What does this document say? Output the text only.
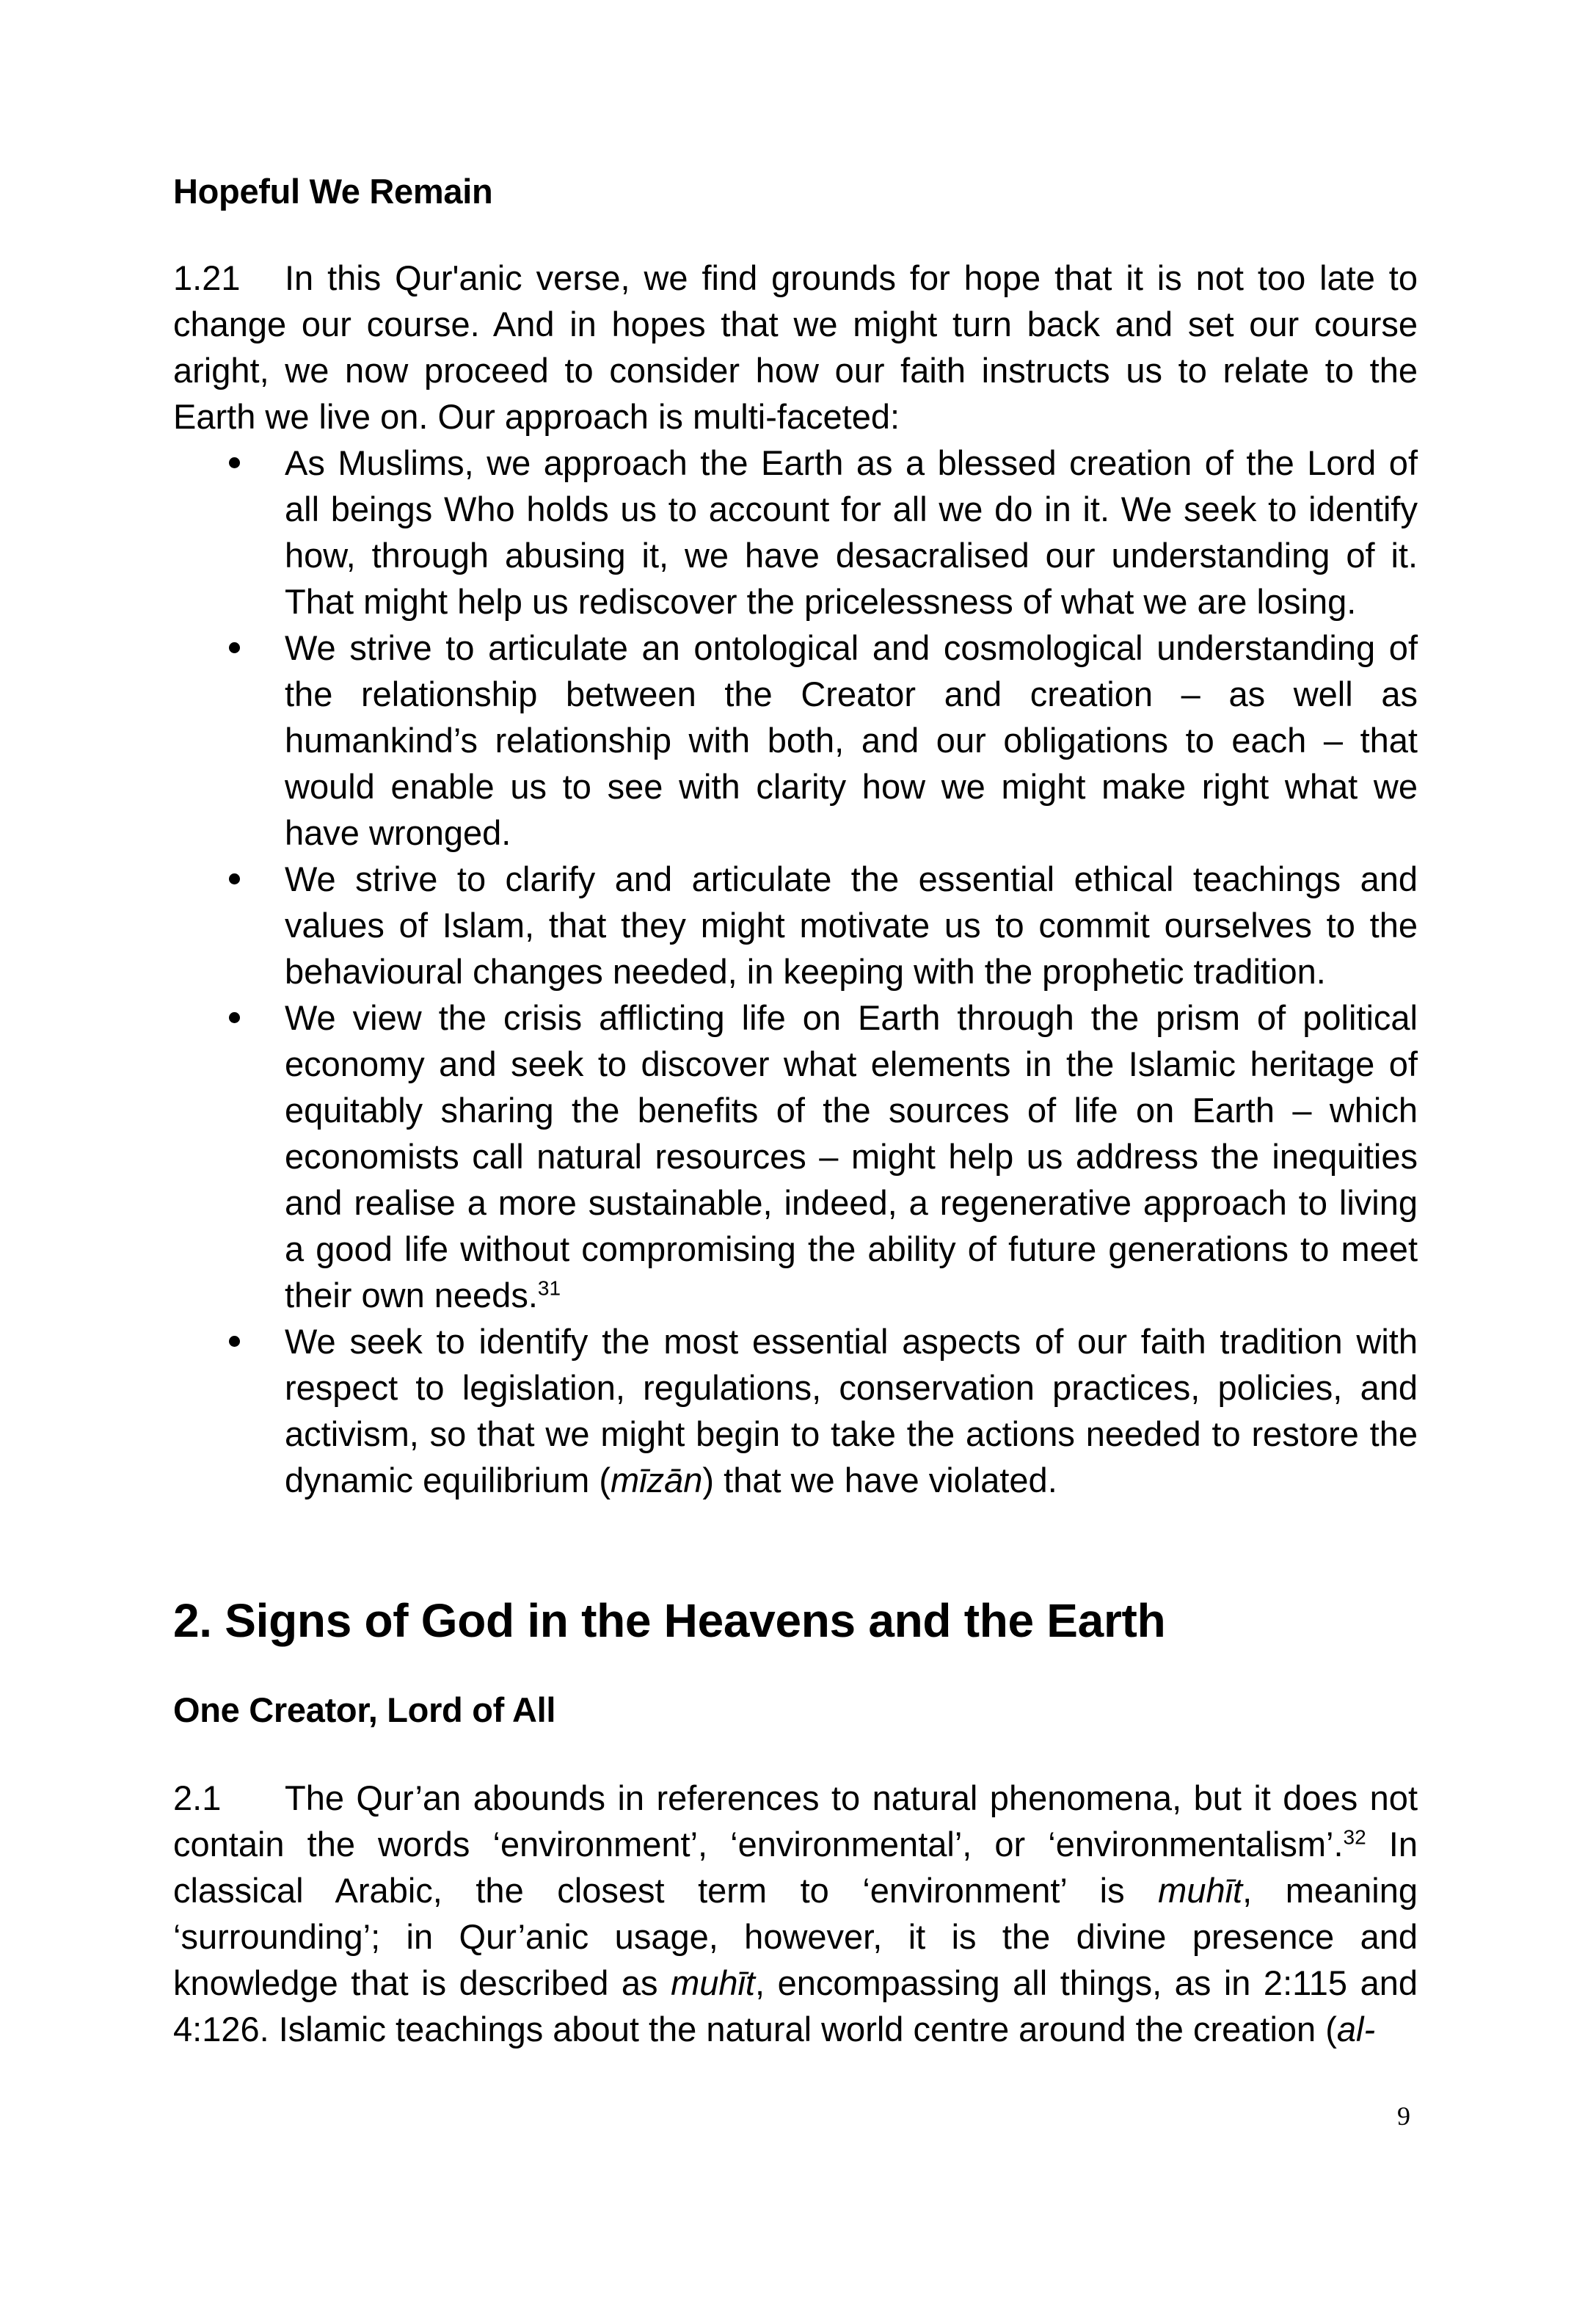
Hopeful We Remain

1.21 In this Qur'anic verse, we find grounds for hope that it is not too late to change our course. And in hopes that we might turn back and set our course aright, we now proceed to consider how our faith instructs us to relate to the Earth we live on. Our approach is multi-faceted:

As Muslims, we approach the Earth as a blessed creation of the Lord of all beings Who holds us to account for all we do in it. We seek to identify how, through abusing it, we have desacralised our understanding of it. That might help us rediscover the pricelessness of what we are losing.
We strive to articulate an ontological and cosmological understanding of the relationship between the Creator and creation – as well as humankind’s relationship with both, and our obligations to each – that would enable us to see with clarity how we might make right what we have wronged.
We strive to clarify and articulate the essential ethical teachings and values of Islam, that they might motivate us to commit ourselves to the behavioural changes needed, in keeping with the prophetic tradition.
We view the crisis afflicting life on Earth through the prism of political economy and seek to discover what elements in the Islamic heritage of equitably sharing the benefits of the sources of life on Earth – which economists call natural resources – might help us address the inequities and realise a more sustainable, indeed, a regenerative approach to living a good life without compromising the ability of future generations to meet their own needs.$^{31}$
We seek to identify the most essential aspects of our faith tradition with respect to legislation, regulations, conservation practices, policies, and activism, so that we might begin to take the actions needed to restore the dynamic equilibrium (mīzān) that we have violated.
2. Signs of God in the Heavens and the Earth
One Creator, Lord of All

2.1 The Qur’an abounds in references to natural phenomena, but it does not contain the words ‘environment’, ‘environmental’, or ‘environmentalism’.$^{32}$ In classical Arabic, the closest term to ‘environment’ is muhīt, meaning ‘surrounding’; in Qur’anic usage, however, it is the divine presence and knowledge that is described as muhīt, encompassing all things, as in 2:115 and 4:126. Islamic teachings about the natural world centre around the creation (al-

9
